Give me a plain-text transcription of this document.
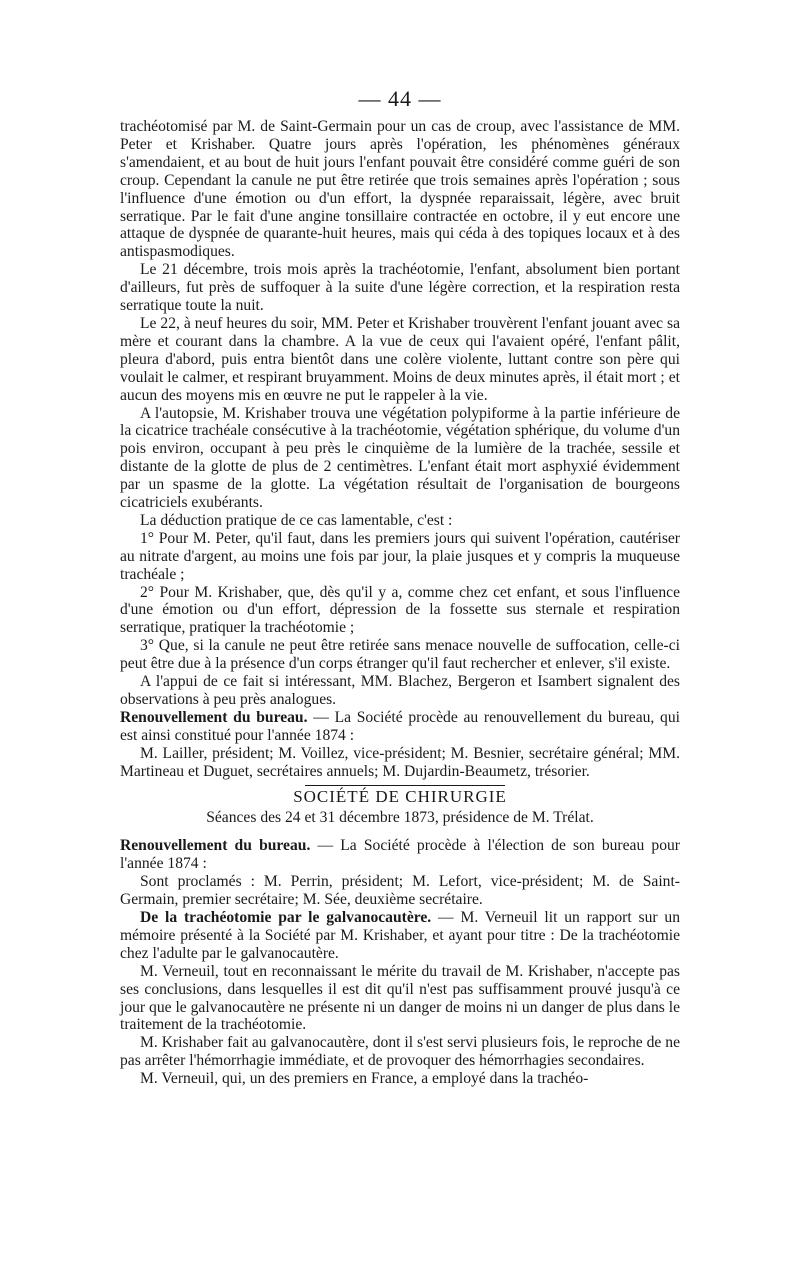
— 44 —

trachéotomisé par M. de Saint-Germain pour un cas de croup, avec l'assistance de MM. Peter et Krishaber. Quatre jours après l'opération, les phénomènes généraux s'amendaient, et au bout de huit jours l'enfant pouvait être considéré comme guéri de son croup. Cependant la canule ne put être retirée que trois semaines après l'opération ; sous l'influence d'une émotion ou d'un effort, la dyspnée reparaissait, légère, avec bruit serratique. Par le fait d'une angine tonsillaire contractée en octobre, il y eut encore une attaque de dyspnée de quarante-huit heures, mais qui céda à des topiques locaux et à des antispasmodiques.

Le 21 décembre, trois mois après la trachéotomie, l'enfant, absolument bien portant d'ailleurs, fut près de suffoquer à la suite d'une légère correction, et la respiration resta serratique toute la nuit.

Le 22, à neuf heures du soir, MM. Peter et Krishaber trouvèrent l'enfant jouant avec sa mère et courant dans la chambre. A la vue de ceux qui l'avaient opéré, l'enfant pâlit, pleura d'abord, puis entra bientôt dans une colère violente, luttant contre son père qui voulait le calmer, et respirant bruyamment. Moins de deux minutes après, il était mort ; et aucun des moyens mis en œuvre ne put le rappeler à la vie.

A l'autopsie, M. Krishaber trouva une végétation polypiforme à la partie inférieure de la cicatrice trachéale consécutive à la trachéotomie, végétation sphérique, du volume d'un pois environ, occupant à peu près le cinquième de la lumière de la trachée, sessile et distante de la glotte de plus de 2 centimètres. L'enfant était mort asphyxié évidemment par un spasme de la glotte. La végétation résultait de l'organisation de bourgeons cicatriciels exubérants.

La déduction pratique de ce cas lamentable, c'est :

1° Pour M. Peter, qu'il faut, dans les premiers jours qui suivent l'opération, cautériser au nitrate d'argent, au moins une fois par jour, la plaie jusques et y compris la muqueuse trachéale ;

2° Pour M. Krishaber, que, dès qu'il y a, comme chez cet enfant, et sous l'influence d'une émotion ou d'un effort, dépression de la fossette sus sternale et respiration serratique, pratiquer la trachéotomie ;

3° Que, si la canule ne peut être retirée sans menace nouvelle de suffocation, celle-ci peut être due à la présence d'un corps étranger qu'il faut rechercher et enlever, s'il existe.

A l'appui de ce fait si intéressant, MM. Blachez, Bergeron et Isambert signalent des observations à peu près analogues.

Renouvellement du bureau. — La Société procède au renouvellement du bureau, qui est ainsi constitué pour l'année 1874 :

M. Lailler, président; M. Voillez, vice-président; M. Besnier, secrétaire général; MM. Martineau et Duguet, secrétaires annuels; M. Dujardin-Beaumetz, trésorier.

SOCIÉTÉ DE CHIRURGIE
Séances des 24 et 31 décembre 1873, présidence de M. Trélat.

Renouvellement du bureau. — La Société procède à l'élection de son bureau pour l'année 1874 :

Sont proclamés : M. Perrin, président; M. Lefort, vice-président; M. de Saint-Germain, premier secrétaire; M. Sée, deuxième secrétaire.

De la trachéotomie par le galvanocautère. — M. Verneuil lit un rapport sur un mémoire présenté à la Société par M. Krishaber, et ayant pour titre : De la trachéotomie chez l'adulte par le galvanocautère.

M. Verneuil, tout en reconnaissant le mérite du travail de M. Krishaber, n'accepte pas ses conclusions, dans lesquelles il est dit qu'il n'est pas suffisamment prouvé jusqu'à ce jour que le galvanocautère ne présente ni un danger de moins ni un danger de plus dans le traitement de la trachéotomie.

M. Krishaber fait au galvanocautère, dont il s'est servi plusieurs fois, le reproche de ne pas arrêter l'hémorrhagie immédiate, et de provoquer des hémorrhagies secondaires.

M. Verneuil, qui, un des premiers en France, a employé dans la trachéo-
